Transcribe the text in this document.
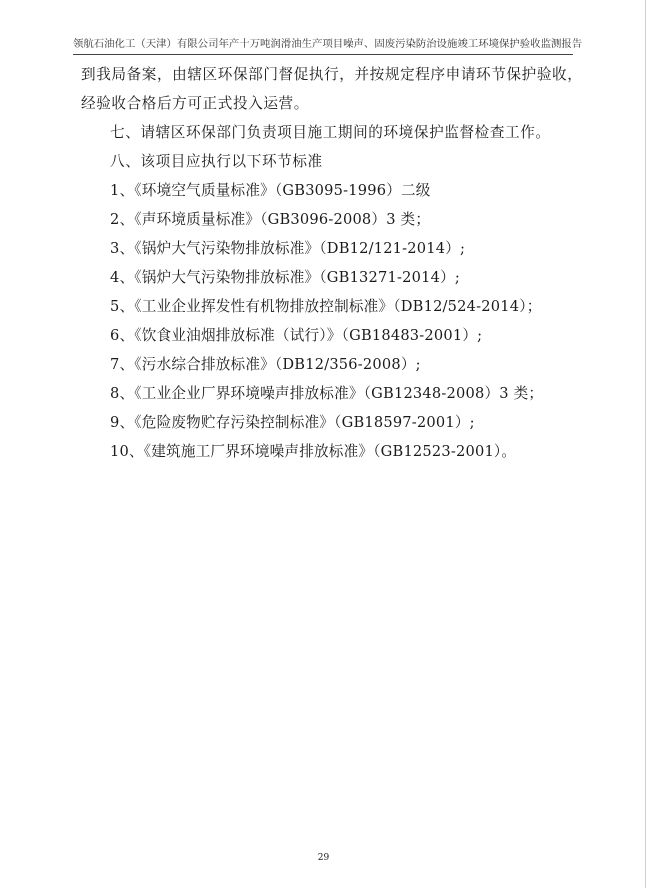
领航石油化工（天津）有限公司年产十万吨润滑油生产项目噪声、固废污染防治设施竣工环境保护验收监测报告
到我局备案，由辖区环保部门督促执行，并按规定程序申请环节保护验收，
经验收合格后方可正式投入运营。
七、请辖区环保部门负责项目施工期间的环境保护监督检查工作。
八、该项目应执行以下环节标准
1、《环境空气质量标准》（GB3095-1996）二级
2、《声环境质量标准》（GB3096-2008）3 类；
3、《锅炉大气污染物排放标准》（DB12/121-2014）;
4、《锅炉大气污染物排放标准》（GB13271-2014）;
5、《工业企业挥发性有机物排放控制标准》（DB12/524-2014）；
6、《饮食业油烟排放标准（试行）》（GB18483-2001）;
7、《污水综合排放标准》（DB12/356-2008）;
8、《工业企业厂界环境噪声排放标准》（GB12348-2008）3 类；
9、《危险废物贮存污染控制标准》（GB18597-2001）;
10、《建筑施工厂界环境噪声排放标准》（GB12523-2001）。
29
